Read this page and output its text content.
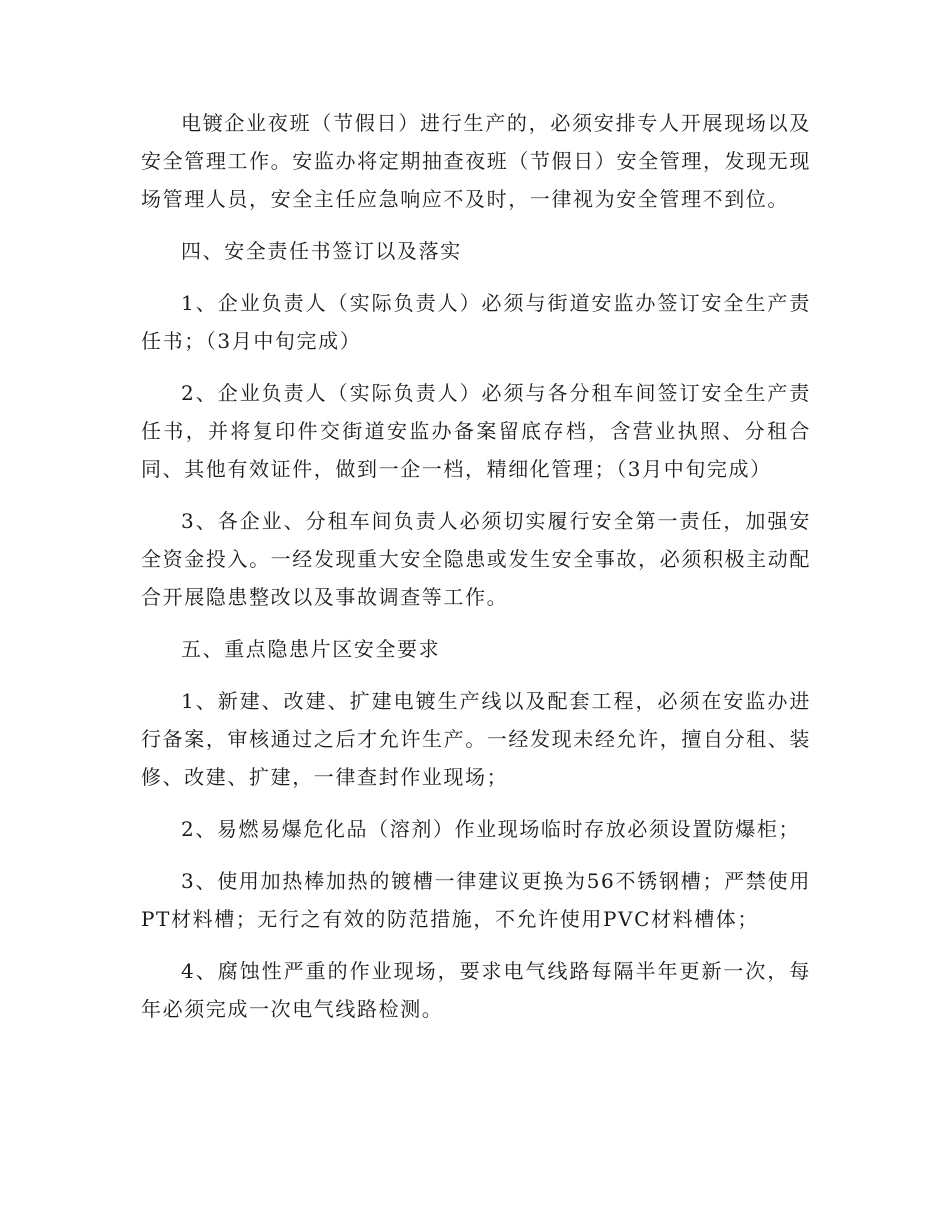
电镀企业夜班（节假日）进行生产的，必须安排专人开展现场以及安全管理工作。安监办将定期抽查夜班（节假日）安全管理，发现无现场管理人员，安全主任应急响应不及时，一律视为安全管理不到位。

四、安全责任书签订以及落实

1、企业负责人（实际负责人）必须与街道安监办签订安全生产责任书；（3月中旬完成）

2、企业负责人（实际负责人）必须与各分租车间签订安全生产责任书，并将复印件交街道安监办备案留底存档，含营业执照、分租合同、其他有效证件，做到一企一档，精细化管理；（3月中旬完成）

3、各企业、分租车间负责人必须切实履行安全第一责任，加强安全资金投入。一经发现重大安全隐患或发生安全事故，必须积极主动配合开展隐患整改以及事故调查等工作。

五、重点隐患片区安全要求

1、新建、改建、扩建电镀生产线以及配套工程，必须在安监办进行备案，审核通过之后才允许生产。一经发现未经允许，擅自分租、装修、改建、扩建，一律查封作业现场；

2、易燃易爆危化品（溶剂）作业现场临时存放必须设置防爆柜；

3、使用加热棒加热的镀槽一律建议更换为56不锈钢槽；严禁使用PT材料槽；无行之有效的防范措施，不允许使用PVC材料槽体；

4、腐蚀性严重的作业现场，要求电气线路每隔半年更新一次，每年必须完成一次电气线路检测。
